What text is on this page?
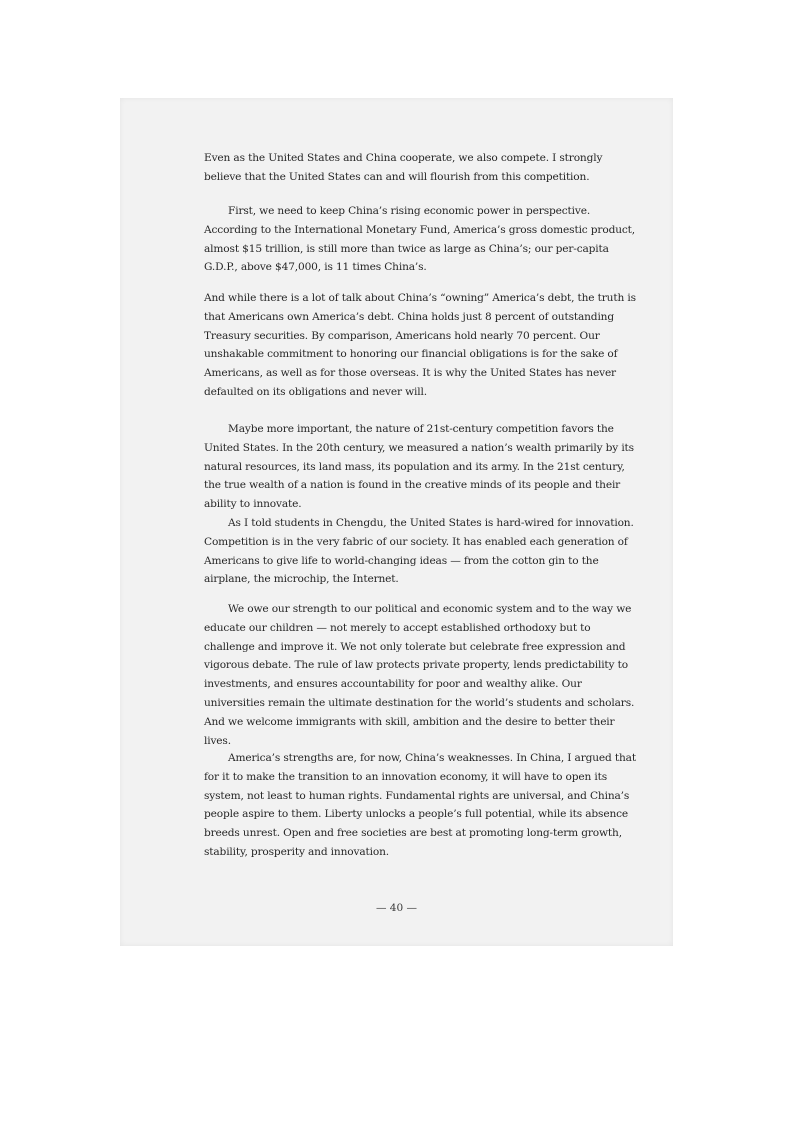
Even as the United States and China cooperate, we also compete. I strongly believe that the United States can and will flourish from this competition.

First, we need to keep China’s rising economic power in perspective. According to the International Monetary Fund, America’s gross domestic product, almost $15 trillion, is still more than twice as large as China’s; our per-capita G.D.P., above $47,000, is 11 times China’s.

And while there is a lot of talk about China’s “owning” America’s debt, the truth is that Americans own America’s debt. China holds just 8 percent of outstanding Treasury securities. By comparison, Americans hold nearly 70 percent. Our unshakable commitment to honoring our financial obligations is for the sake of Americans, as well as for those overseas. It is why the United States has never defaulted on its obligations and never will.

Maybe more important, the nature of 21st-century competition favors the United States. In the 20th century, we measured a nation’s wealth primarily by its natural resources, its land mass, its population and its army. In the 21st century, the true wealth of a nation is found in the creative minds of its people and their ability to innovate.

As I told students in Chengdu, the United States is hard-wired for innovation. Competition is in the very fabric of our society. It has enabled each generation of Americans to give life to world-changing ideas — from the cotton gin to the airplane, the microchip, the Internet.

We owe our strength to our political and economic system and to the way we educate our children — not merely to accept established orthodoxy but to challenge and improve it. We not only tolerate but celebrate free expression and vigorous debate. The rule of law protects private property, lends predictability to investments, and ensures accountability for poor and wealthy alike. Our universities remain the ultimate destination for the world’s students and scholars. And we welcome immigrants with skill, ambition and the desire to better their lives.

America’s strengths are, for now, China’s weaknesses. In China, I argued that for it to make the transition to an innovation economy, it will have to open its system, not least to human rights. Fundamental rights are universal, and China’s people aspire to them. Liberty unlocks a people’s full potential, while its absence breeds unrest. Open and free societies are best at promoting long-term growth, stability, prosperity and innovation.

— 40 —
